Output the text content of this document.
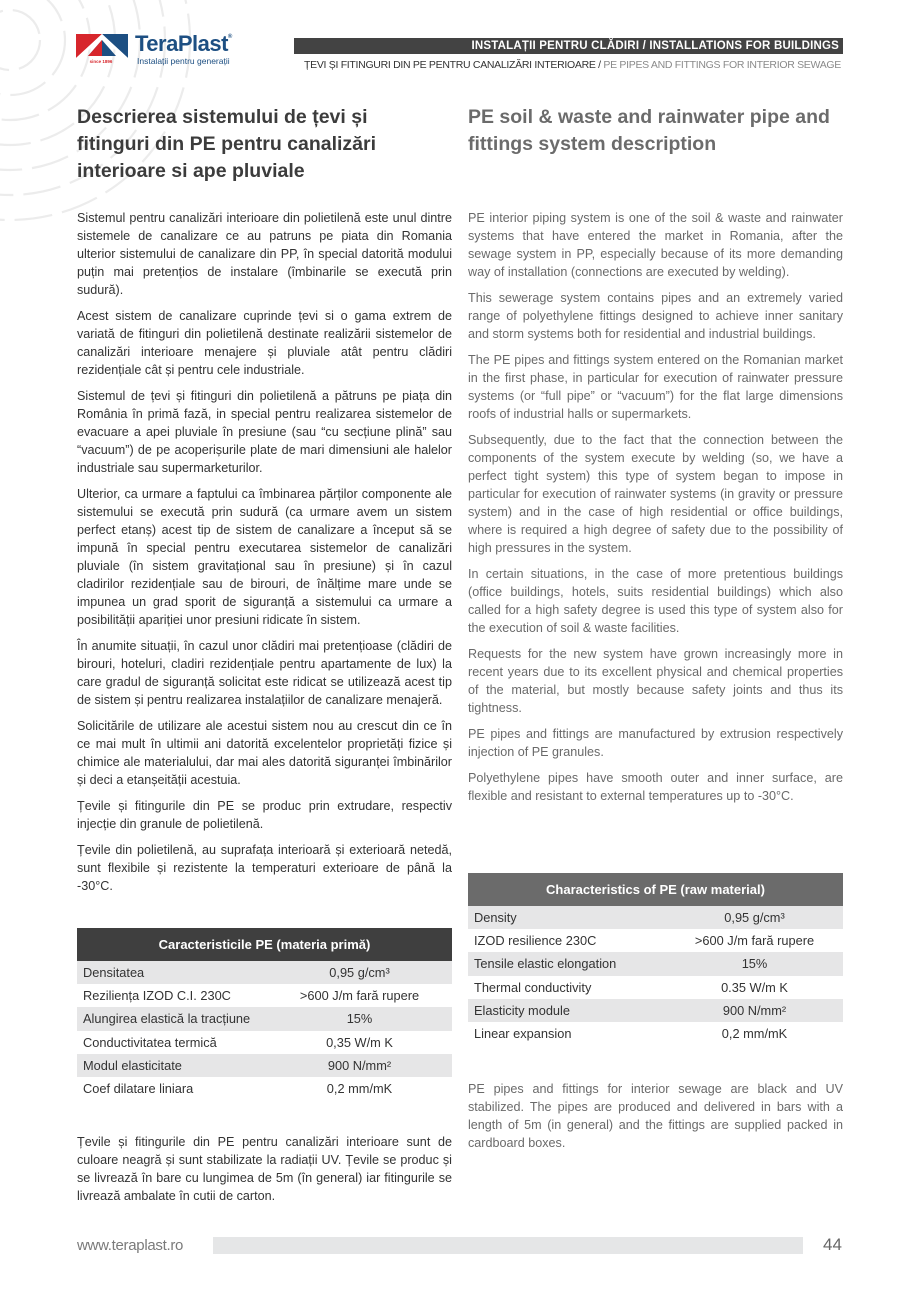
since 1896
TeraPlast®
Instalații pentru generații
INSTALAȚII PENTRU CLĂDIRI / INSTALLATIONS FOR BUILDINGS
ȚEVI ȘI FITINGURI DIN PE PENTRU CANALIZĂRI INTERIOARE / PE PIPES AND FITTINGS FOR INTERIOR SEWAGE
Descrierea sistemului de țevi și fitinguri din PE pentru canalizări interioare si ape pluviale
PE soil & waste and rainwater pipe and fittings system description

Sistemul pentru canalizări interioare din polietilenă este unul dintre sistemele de canalizare ce au patruns pe piata din Romania ulterior sistemului de canalizare din PP, în special datorită modului puțin mai pretențios de instalare (îmbinarile se execută prin sudură).

Acest sistem de canalizare cuprinde țevi si o gama extrem de variată de fitinguri din polietilenă destinate realizării sistemelor de canalizări interioare menajere și pluviale atât pentru clădiri rezidențiale cât și pentru cele industriale.

Sistemul de țevi și fitinguri din polietilenă a pătruns pe piața din România în primă fază, in special pentru realizarea sistemelor de evacuare a apei pluviale în presiune (sau “cu secțiune plină” sau “vacuum”) de pe acoperișurile plate de mari dimensiuni ale halelor industriale sau supermarketurilor.

Ulterior, ca urmare a faptului ca îmbinarea părților componente ale sistemului se execută prin sudură (ca urmare avem un sistem perfect etanș) acest tip de sistem de canalizare a început să se impună în special pentru executarea sistemelor de canalizări pluviale (în sistem gravitațional sau în presiune) și în cazul cladirilor rezidențiale sau de birouri, de înălțime mare unde se impunea un grad sporit de siguranță a sistemului ca urmare a posibilității apariției unor presiuni ridicate în sistem.

În anumite situații, în cazul unor clădiri mai pretențioase (clădiri de birouri, hoteluri, cladiri rezidențiale pentru apartamente de lux) la care gradul de siguranță solicitat este ridicat se utilizează acest tip de sistem și pentru realizarea instalațiilor de canalizare menajeră.

Solicitările de utilizare ale acestui sistem nou au crescut din ce în ce mai mult în ultimii ani datorită excelentelor proprietăți fizice și chimice ale materialului, dar mai ales datorită siguranței îmbinărilor și deci a etanșeității acestuia.

Țevile și fitingurile din PE se produc prin extrudare, respectiv injecție din granule de polietilenă.

Țevile din polietilenă, au suprafața interioară și exterioară netedă, sunt flexibile și rezistente la temperaturi exterioare de până la -30°C.

PE interior piping system is one of the soil & waste and rainwater systems that have entered the market in Romania, after the sewage system in PP, especially because of its more demanding way of installation (connections are executed by welding).

This sewerage system contains pipes and an extremely varied range of polyethylene fittings designed to achieve inner sanitary and storm systems both for residential and industrial buildings.

The PE pipes and fittings system entered on the Romanian market in the first phase, in particular for execution of rainwater pressure systems (or “full pipe” or “vacuum”) for the flat large dimensions roofs of industrial halls or supermarkets.

Subsequently, due to the fact that the connection between the components of the system execute by welding (so, we have a perfect tight system) this type of system began to impose in particular for execution of rainwater systems (in gravity or pressure system) and in the case of high residential or office buildings, where is required a high degree of safety due to the possibility of high pressures in the system.

In certain situations, in the case of more pretentious buildings (office buildings, hotels, suits residential buildings) which also called for a high safety degree is used this type of system also for the execution of soil & waste facilities.

Requests for the new system have grown increasingly more in recent years due to its excellent physical and chemical properties of the material, but mostly because safety joints and thus its tightness.

PE pipes and fittings are manufactured by extrusion respectively injection of PE granules.

Polyethylene pipes have smooth outer and inner surface, are flexible and resistant to external temperatures up to -30°C.

Caracteristicile PE (materia primă)
Densitatea	0,95 g/cm³
Reziliența IZOD C.I. 230C	>600 J/m fară rupere
Alungirea elastică la tracțiune	15%
Conductivitatea termică	0,35 W/m K
Modul elasticitate	900 N/mm²
Coef dilatare liniara	0,2 mm/mK
Characteristics of PE (raw material)
Density	0,95 g/cm³
IZOD resilience 230C	>600 J/m fară rupere
Tensile elastic elongation	15%
Thermal conductivity	0.35 W/m K
Elasticity module	900 N/mm²
Linear expansion	0,2 mm/mK

Țevile și fitingurile din PE pentru canalizări interioare sunt de culoare neagră și sunt stabilizate la radiații UV. Țevile se produc și se livrează în bare cu lungimea de 5m (în general) iar fitingurile se livrează ambalate în cutii de carton.

PE pipes and fittings for interior sewage are black and UV stabilized. The pipes are produced and delivered in bars with a length of 5m (in general) and the fittings are supplied packed in cardboard boxes.

www.teraplast.ro	44
